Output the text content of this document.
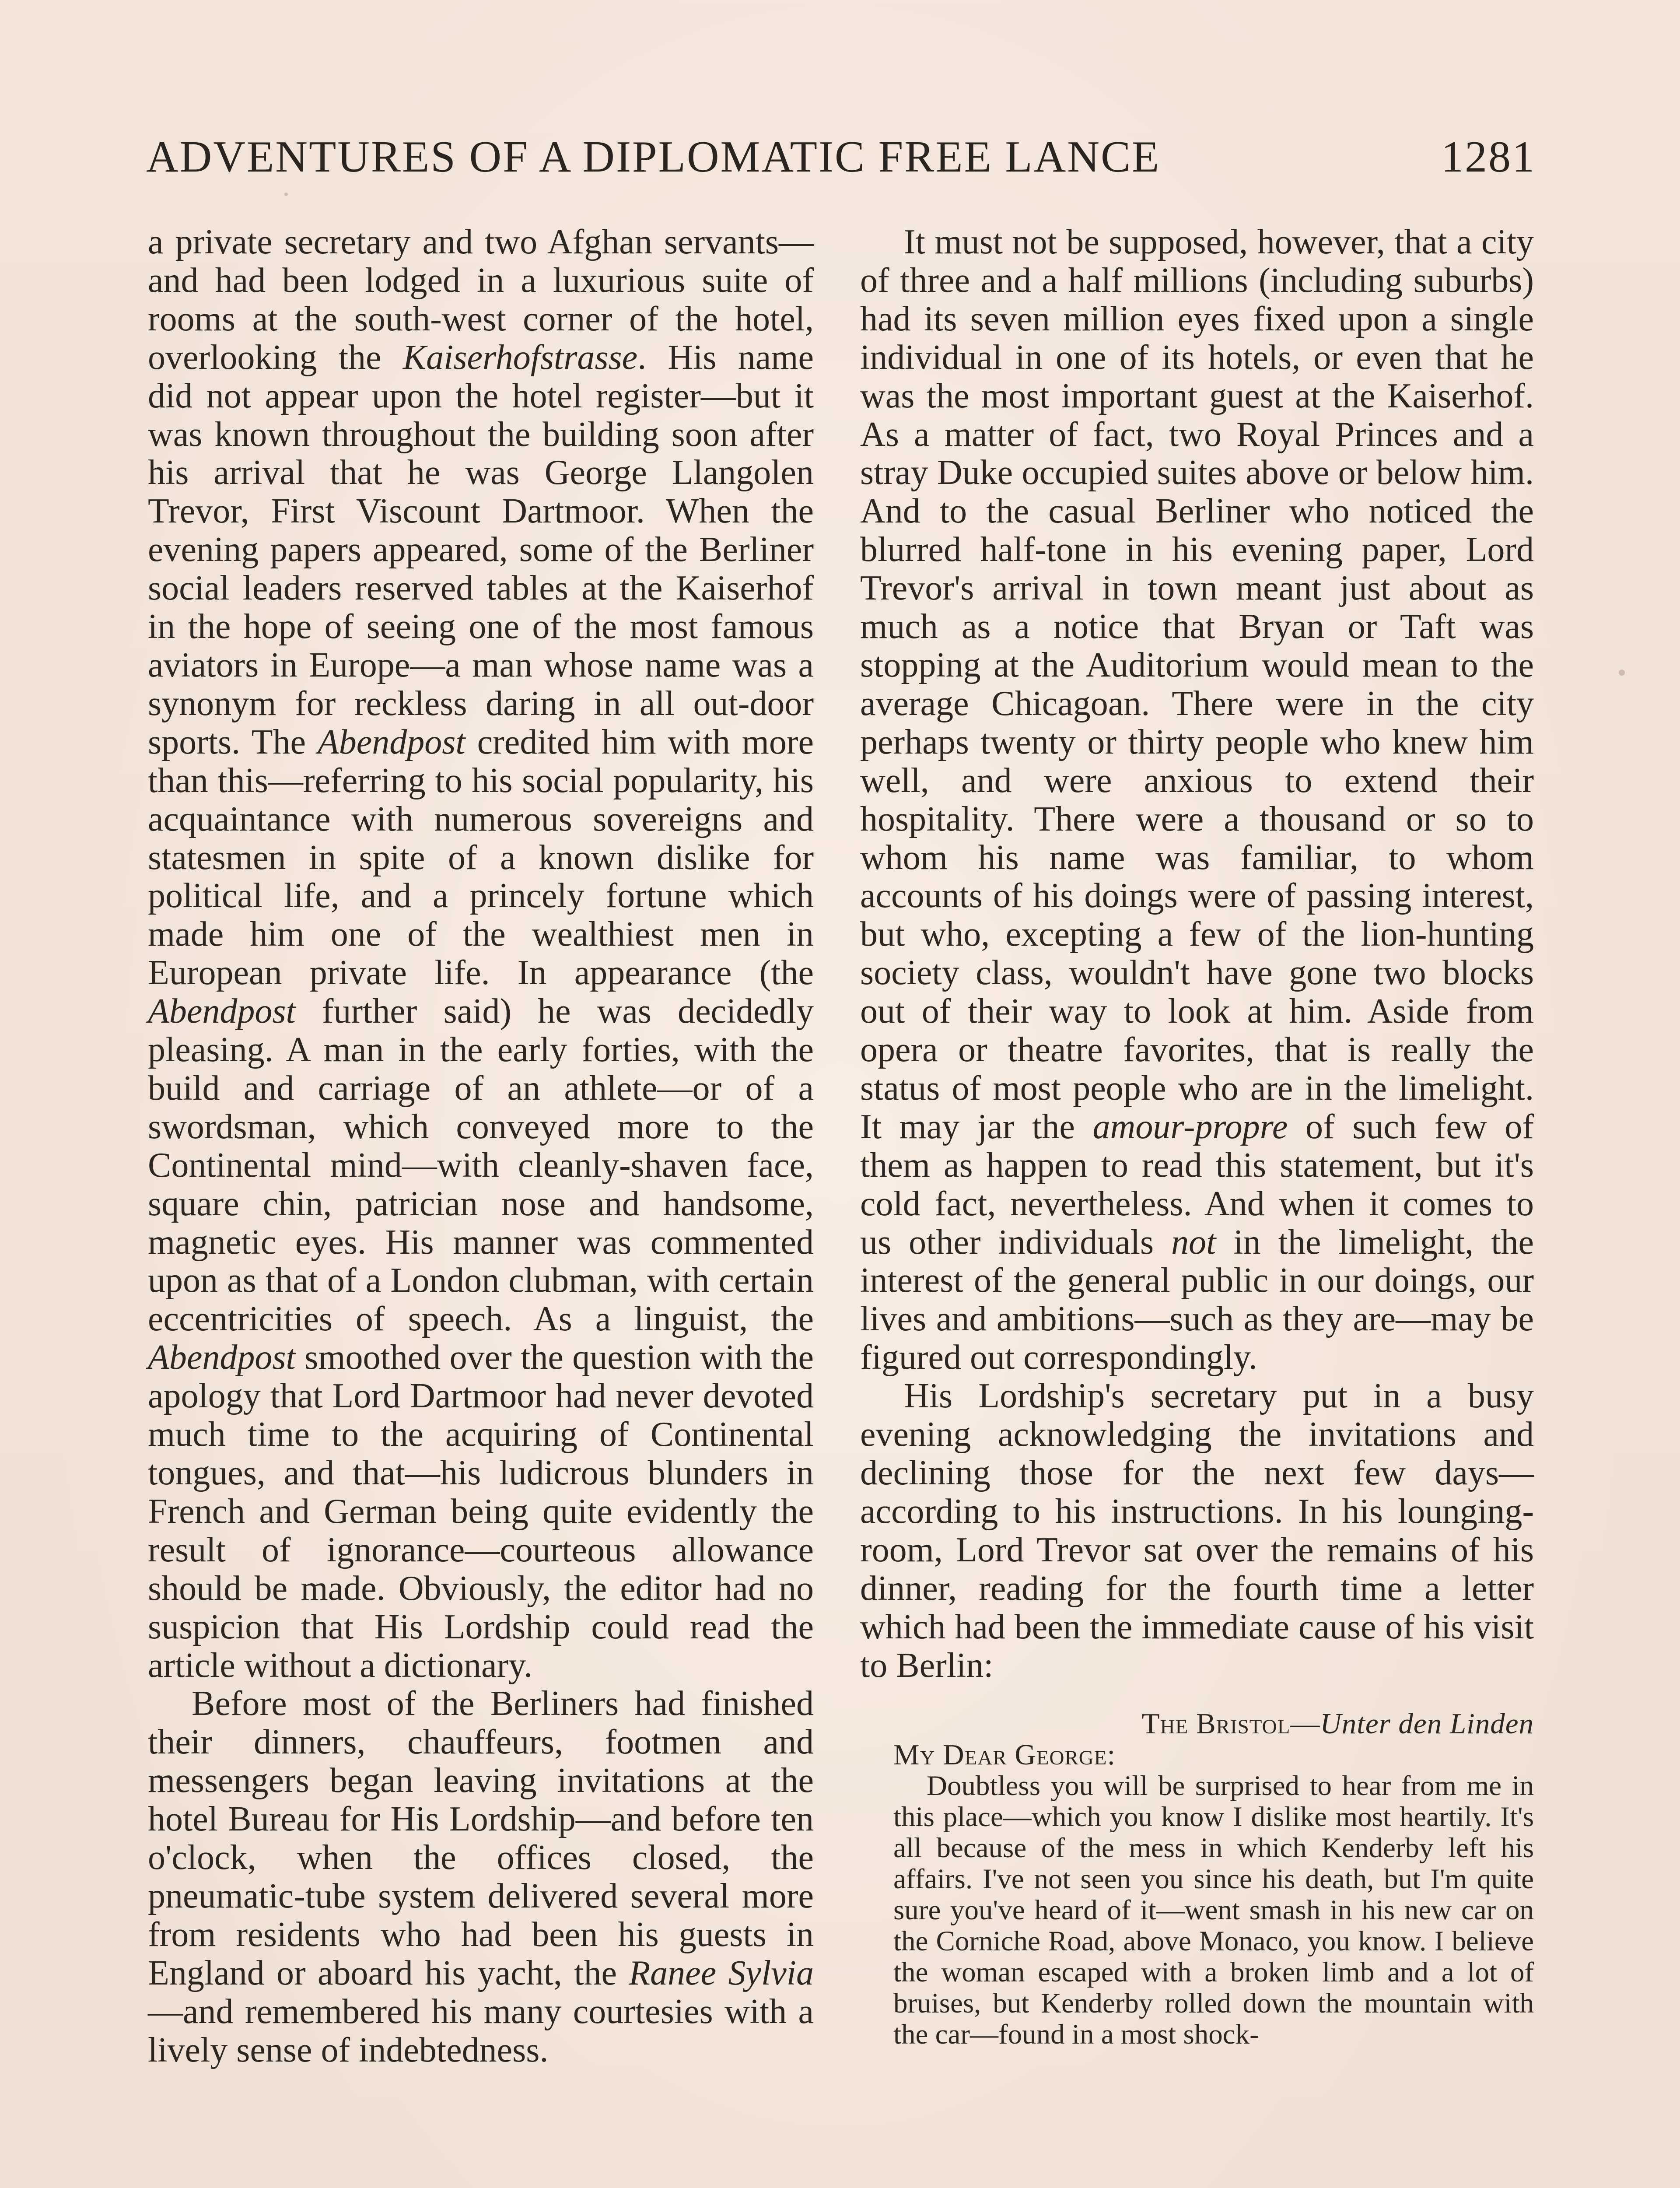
ADVENTURES OF A DIPLOMATIC FREE LANCE	1281

a private secretary and two Afghan servants—and had been lodged in a luxurious suite of rooms at the south-west corner of the hotel, overlooking the Kaiserhofstrasse. His name did not appear upon the hotel register—but it was known throughout the building soon after his arrival that he was George Llangolen Trevor, First Viscount Dartmoor. When the evening papers appeared, some of the Berliner social leaders reserved tables at the Kaiserhof in the hope of seeing one of the most famous aviators in Europe—a man whose name was a synonym for reckless daring in all out-door sports. The Abendpost credited him with more than this—referring to his social popularity, his acquaintance with numerous sovereigns and statesmen in spite of a known dislike for political life, and a princely fortune which made him one of the wealthiest men in European private life. In appearance (the Abendpost further said) he was decidedly pleasing. A man in the early forties, with the build and carriage of an athlete—or of a swordsman, which conveyed more to the Continental mind—with cleanly-shaven face, square chin, patrician nose and handsome, magnetic eyes. His manner was commented upon as that of a London clubman, with certain eccentricities of speech. As a linguist, the Abendpost smoothed over the question with the apology that Lord Dartmoor had never devoted much time to the acquiring of Continental tongues, and that—his ludicrous blunders in French and German being quite evidently the result of ignorance—courteous allowance should be made. Obviously, the editor had no suspicion that His Lordship could read the article without a dictionary.

Before most of the Berliners had finished their dinners, chauffeurs, footmen and messengers began leaving invitations at the hotel Bureau for His Lordship—and before ten o'clock, when the offices closed, the pneumatic-tube system delivered several more from residents who had been his guests in England or aboard his yacht, the Ranee Sylvia—and remembered his many courtesies with a lively sense of indebtedness.

It must not be supposed, however, that a city of three and a half millions (including suburbs) had its seven million eyes fixed upon a single individual in one of its hotels, or even that he was the most important guest at the Kaiserhof. As a matter of fact, two Royal Princes and a stray Duke occupied suites above or below him. And to the casual Berliner who noticed the blurred half-tone in his evening paper, Lord Trevor's arrival in town meant just about as much as a notice that Bryan or Taft was stopping at the Auditorium would mean to the average Chicagoan. There were in the city perhaps twenty or thirty people who knew him well, and were anxious to extend their hospitality. There were a thousand or so to whom his name was familiar, to whom accounts of his doings were of passing interest, but who, excepting a few of the lion-hunting society class, wouldn't have gone two blocks out of their way to look at him. Aside from opera or theatre favorites, that is really the status of most people who are in the limelight. It may jar the amour-propre of such few of them as happen to read this statement, but it's cold fact, nevertheless. And when it comes to us other individuals not in the limelight, the interest of the general public in our doings, our lives and ambitions—such as they are—may be figured out correspondingly.

His Lordship's secretary put in a busy evening acknowledging the invitations and declining those for the next few days—according to his instructions. In his lounging-room, Lord Trevor sat over the remains of his dinner, reading for the fourth time a letter which had been the immediate cause of his visit to Berlin:

The Bristol—Unter den Linden
My Dear George:

Doubtless you will be surprised to hear from me in this place—which you know I dislike most heartily. It's all because of the mess in which Kenderby left his affairs. I've not seen you since his death, but I'm quite sure you've heard of it—went smash in his new car on the Corniche Road, above Monaco, you know. I believe the woman escaped with a broken limb and a lot of bruises, but Kenderby rolled down the mountain with the car—found in a most shock-
